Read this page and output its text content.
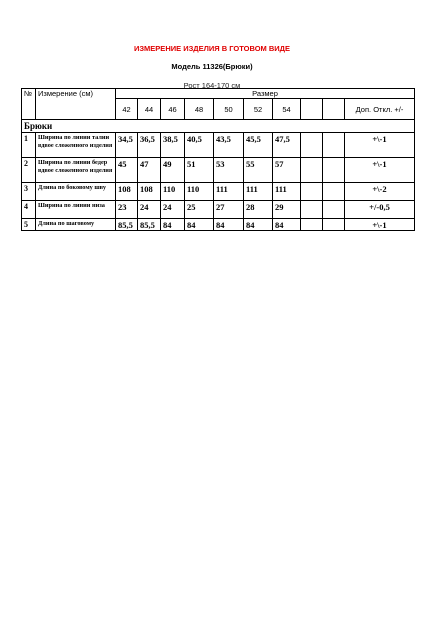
ИЗМЕРЕНИЕ ИЗДЕЛИЯ В ГОТОВОМ ВИДЕ
Модель 11326(Брюки)
Рост 164-170 см
№	Измерение (см)	Размер									
		42	44	46	48	50	52	54			Доп. Откл. +/-
Брюки											
1	Ширина по линии талии вдвое сложенного изделия	34,5	36,5	38,5	40,5	43,5	45,5	47,5			+\-1
2	Ширина по линии бедер вдвое сложенного изделия	45	47	49	51	53	55	57			+\-1
3	Длина по боковому шву	108	108	110	110	111	111	111			+\-2
4	Ширина по линии низа	23	24	24	25	27	28	29			+/-0,5
5	Длина по шаговому	85,5	85,5	84	84	84	84	84			+\-1
